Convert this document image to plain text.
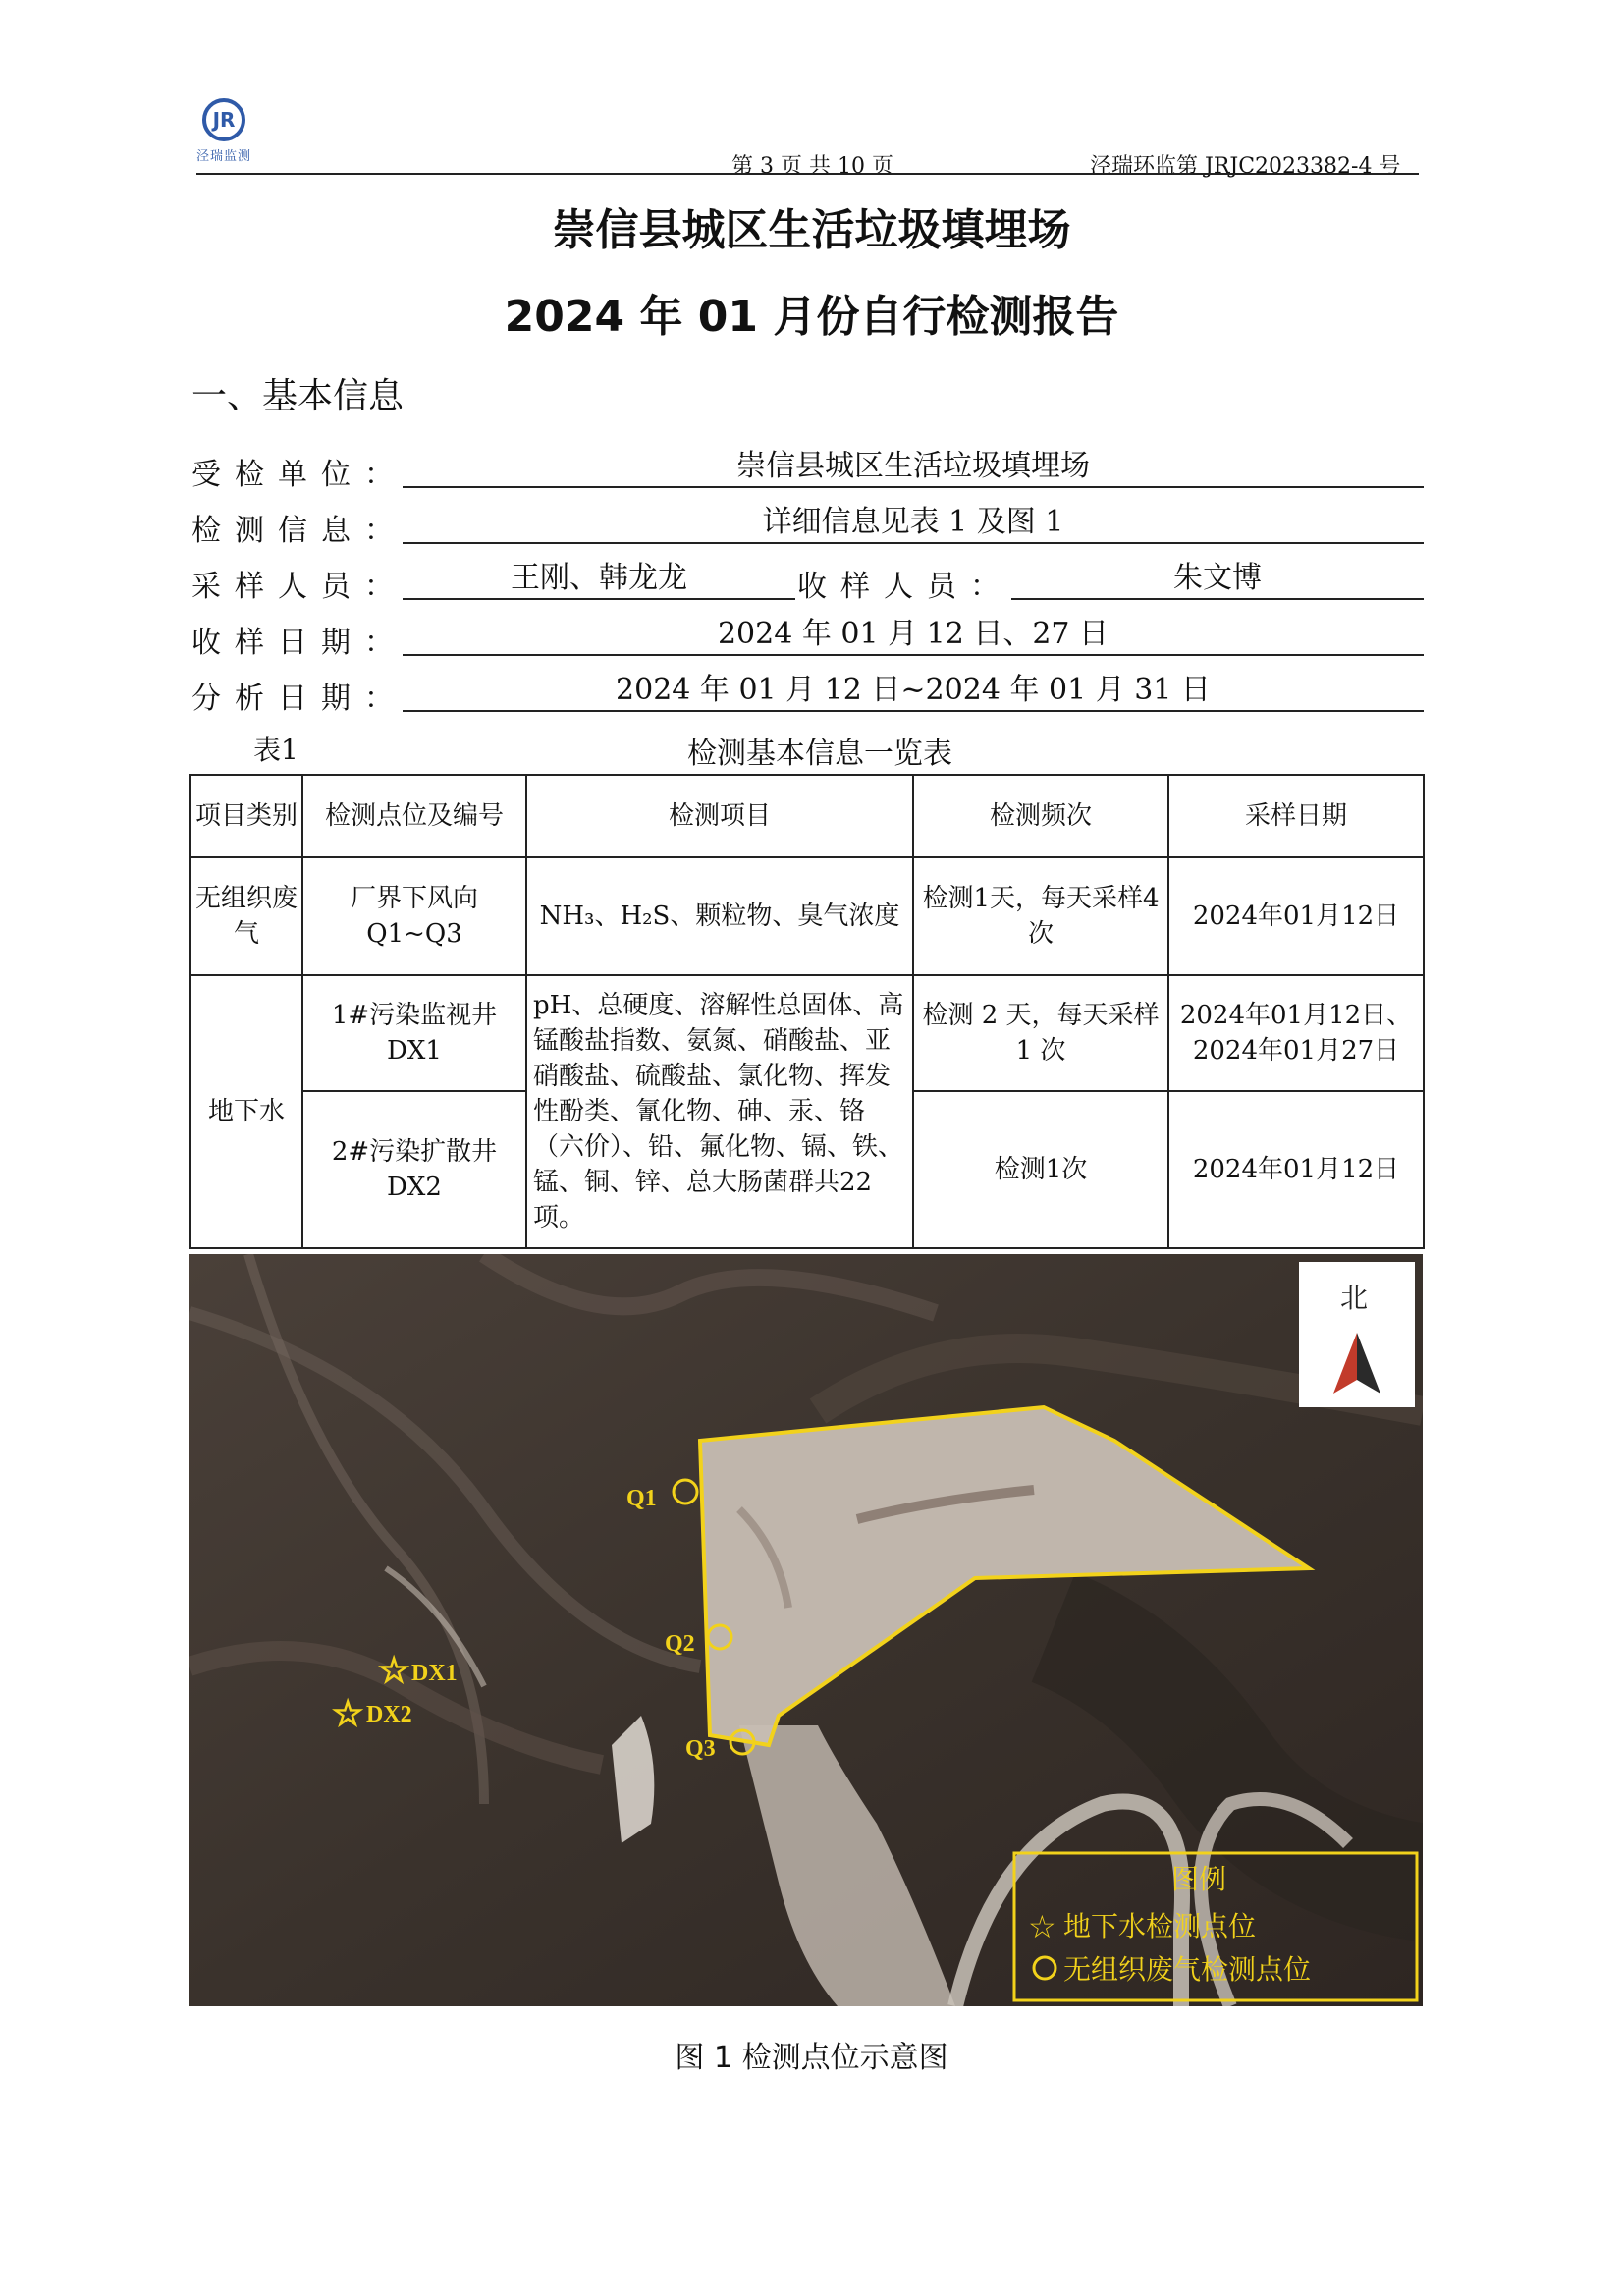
JR
泾瑞监测	第 3 页 共 10 页	泾瑞环监第 JRJC2023382-4 号
崇信县城区生活垃圾填埋场
2024 年 01 月份自行检测报告
一、基本信息
受检单位：	崇信县城区生活垃圾填埋场
检测信息：	详细信息见表 1 及图 1
采样人员：	王刚、韩龙龙	收样人员：	朱文博
收样日期：	2024 年 01 月 12 日、27 日
分析日期：	2024 年 01 月 12 日~2024 年 01 月 31 日
表1	检测基本信息一览表
项目类别	检测点位及编号	检测项目	检测频次	采样日期
无组织废气	厂界下风向 Q1~Q3	NH₃、H₂S、颗粒物、臭气浓度	检测1天，每天采样4次	2024年01月12日
地下水	1#污染监视井 DX1	pH、总硬度、溶解性总固体、高锰酸盐指数、氨氮、硝酸盐、亚硝酸盐、硫酸盐、氯化物、挥发性酚类、氰化物、砷、汞、铬（六价）、铅、氟化物、镉、铁、锰、铜、锌、总大肠菌群共22项。	检测 2 天，每天采样 1 次	2024年01月12日、2024年01月27日
	2#污染扩散井 DX2		检测1次	2024年01月12日
Q1
Q2
Q3
☆ DX1
☆ DX2
北
图例
☆ 地下水检测点位
无组织废气检测点位
图 1 检测点位示意图
